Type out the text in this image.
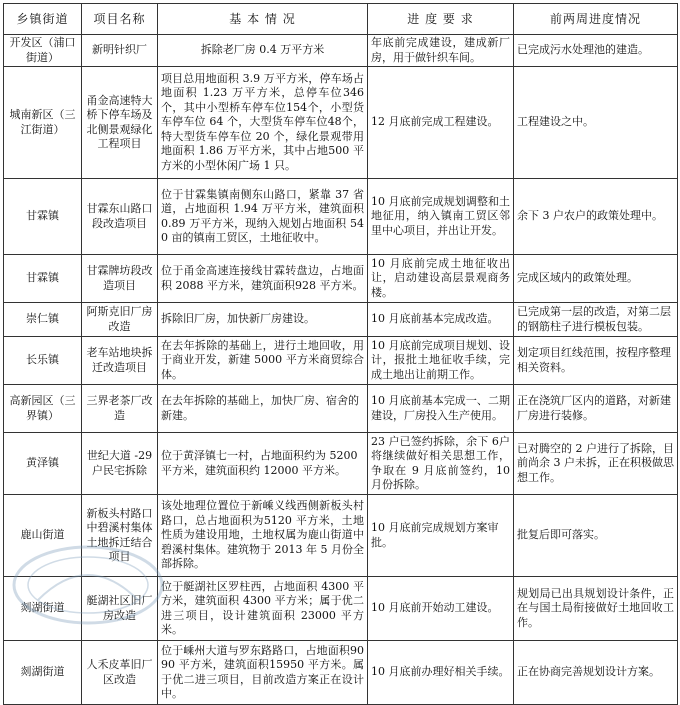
乡镇街道	项目名称	基 本 情 况	进 度 要 求	前两周进度情况
开发区（浦口街道）	新明针织厂	拆除老厂房 0.4 万平方米	年底前完成建设，建成新厂房，用于做针织车间。	已完成污水处理池的建造。
城南新区（三江街道）	甬金高速特大桥下停车场及北侧景观绿化工程项目	项目总用地面积 3.9 万平方米，停车场占地面积 1.23 万平方米，总停车位346个，其中小型桥车停车位154个，小型货车停车位 64 个，大型货车停车位48个，特大型货车停车位 20 个，绿化景观带用地面积 1.86 万平方米，其中占地500 平方米的小型休闲广场 1 只。	12 月底前完成工程建设。	工程建设之中。
甘霖镇	甘霖东山路口段改造项目	位于甘霖集镇南侧东山路口，紧靠 37 省道，占地面积 1.94 万平方米，建筑面积 0.89 万平方米，现纳入规划占地面积 540 亩的镇南工贸区，土地征收中。	10 月底前完成规划调整和土地征用，纳入镇南工贸区邻里中心项目，并出让开发。	余下 3 户农户的政策处理中。
甘霖镇	甘霖牌坊段改造项目	位于甬金高速连接线甘霖转盘边，占地面积 2088 平方米，建筑面积928 平方米。	10 月底前完成土地征收出让，启动建设高层景观商务楼。	完成区域内的政策处理。
崇仁镇	阿斯克旧厂房改造	拆除旧厂房，加快新厂房建设。	10 月底前基本完成改造。	已完成第一层的改造，对第二层的钢筋柱子进行模板包装。
长乐镇	老车站地块拆迁改造项目	在去年拆除的基础上，进行土地回收，用于商业开发，新建 5000 平方米商贸综合体。	10 月底前完成项目规划、设计，报批土地征收手续，完成土地出让前期工作。	划定项目红线范围，按程序整理相关资料。
高新园区（三界镇）	三界老茶厂改造	在去年拆除的基础上，加快厂房、宿舍的新建。	10 月底前基本完成一、二期建设，厂房投入生产使用。	正在浇筑厂区内的道路，对新建厂房进行装修。
黄泽镇	世纪大道 -29 户民宅拆除	位于黄泽镇七一村，占地面积约为 5200 平方米，建筑面积约 12000 平方米。	23 户已签约拆除，余下 6户将继续做好相关思想工作，争取在 9 月底前签约，10 月份拆除。	已对腾空的 2 户进行了拆除，目前尚余 3 户未拆，正在积极做思想工作。
鹿山街道	新板头村路口中碧溪村集体土地拆迁结合项目	该处地理位置位于新嵊义线西侧新板头村路口，总占地面积为5120 平方米，土地性质为建设用地，土地权属为鹿山街道中碧溪村集体。建筑物于 2013 年 5 月份全部拆除。	10 月底前完成规划方案审批。	批复后即可落实。
剡湖街道	艇湖社区旧厂房改造	位于艇湖社区罗柱西，占地面积 4300 平方米，建筑面积 4300 平方米；属于优二进三项目，设计建筑面积 23000 平方米。	10 月底前开始动工建设。	规划局已出具规划设计条件，正在与国土局衔接做好土地回收工作。
剡湖街道	人禾皮革旧厂区改造	位于嵊州大道与罗东路路口，占地面积9090 平方米，建筑面积15950 平方米。属于优二进三项目，目前改造方案正在设计中。	10 月底前办理好相关手续。	正在协商完善规划设计方案。
